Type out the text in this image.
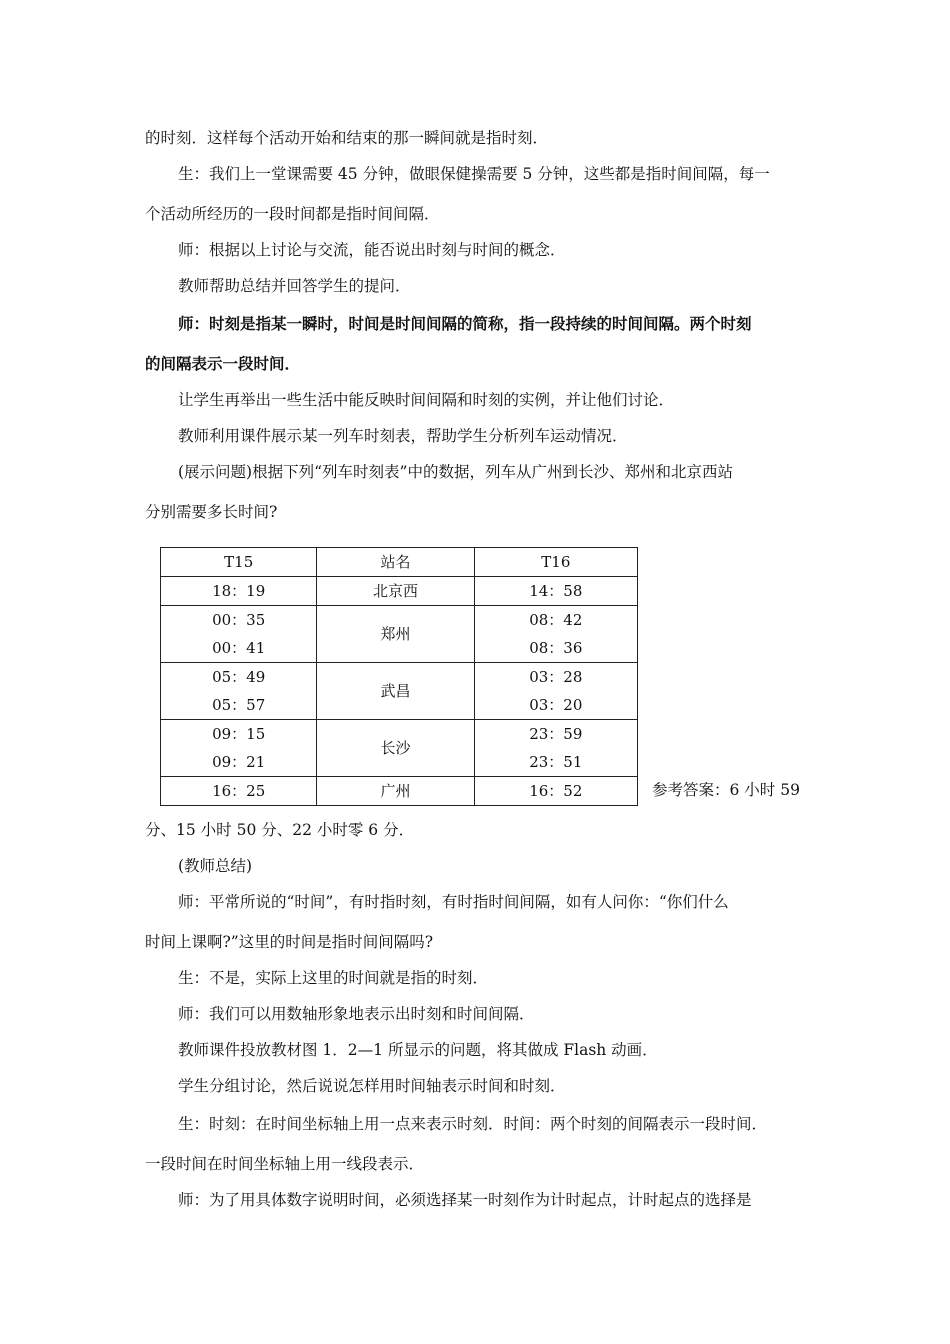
的时刻．这样每个活动开始和结束的那一瞬间就是指时刻．
生：我们上一堂课需要 45 分钟，做眼保健操需要 5 分钟，这些都是指时间间隔，每一
个活动所经历的一段时间都是指时间间隔．
师：根据以上讨论与交流，能否说出时刻与时间的概念．
教师帮助总结并回答学生的提问．
师：时刻是指某一瞬时，时间是时间间隔的简称，指一段持续的时间间隔。两个时刻
的间隔表示一段时间．
让学生再举出一些生活中能反映时间间隔和时刻的实例，并让他们讨论．
教师利用课件展示某一列车时刻表，帮助学生分析列车运动情况．
(展示问题)根据下列“列车时刻表”中的数据，列车从广州到长沙、郑州和北京西站
分别需要多长时间?
T15	站名	T16
18：19	北京西	14：58

00：35
00：41	郑州	08：42
08：36

05：49
05：57	武昌	03：28
03：20

09：15
09：21	长沙	23：59
23：51

16：25	广州	16：52	参考答案：6 小时 59
分、15 小时 50 分、22 小时零 6 分．
(教师总结)
师：平常所说的“时间”，有时指时刻，有时指时间间隔，如有人问你：“你们什么
时间上课啊?”这里的时间是指时间间隔吗?
生：不是，实际上这里的时间就是指的时刻．
师：我们可以用数轴形象地表示出时刻和时间间隔．
教师课件投放教材图 1．2—1 所显示的问题，将其做成 Flash 动画．
学生分组讨论，然后说说怎样用时间轴表示时间和时刻．
生：时刻：在时间坐标轴上用一点来表示时刻．时间：两个时刻的间隔表示一段时间．
一段时间在时间坐标轴上用一线段表示．
师：为了用具体数字说明时间，必须选择某一时刻作为计时起点，计时起点的选择是
